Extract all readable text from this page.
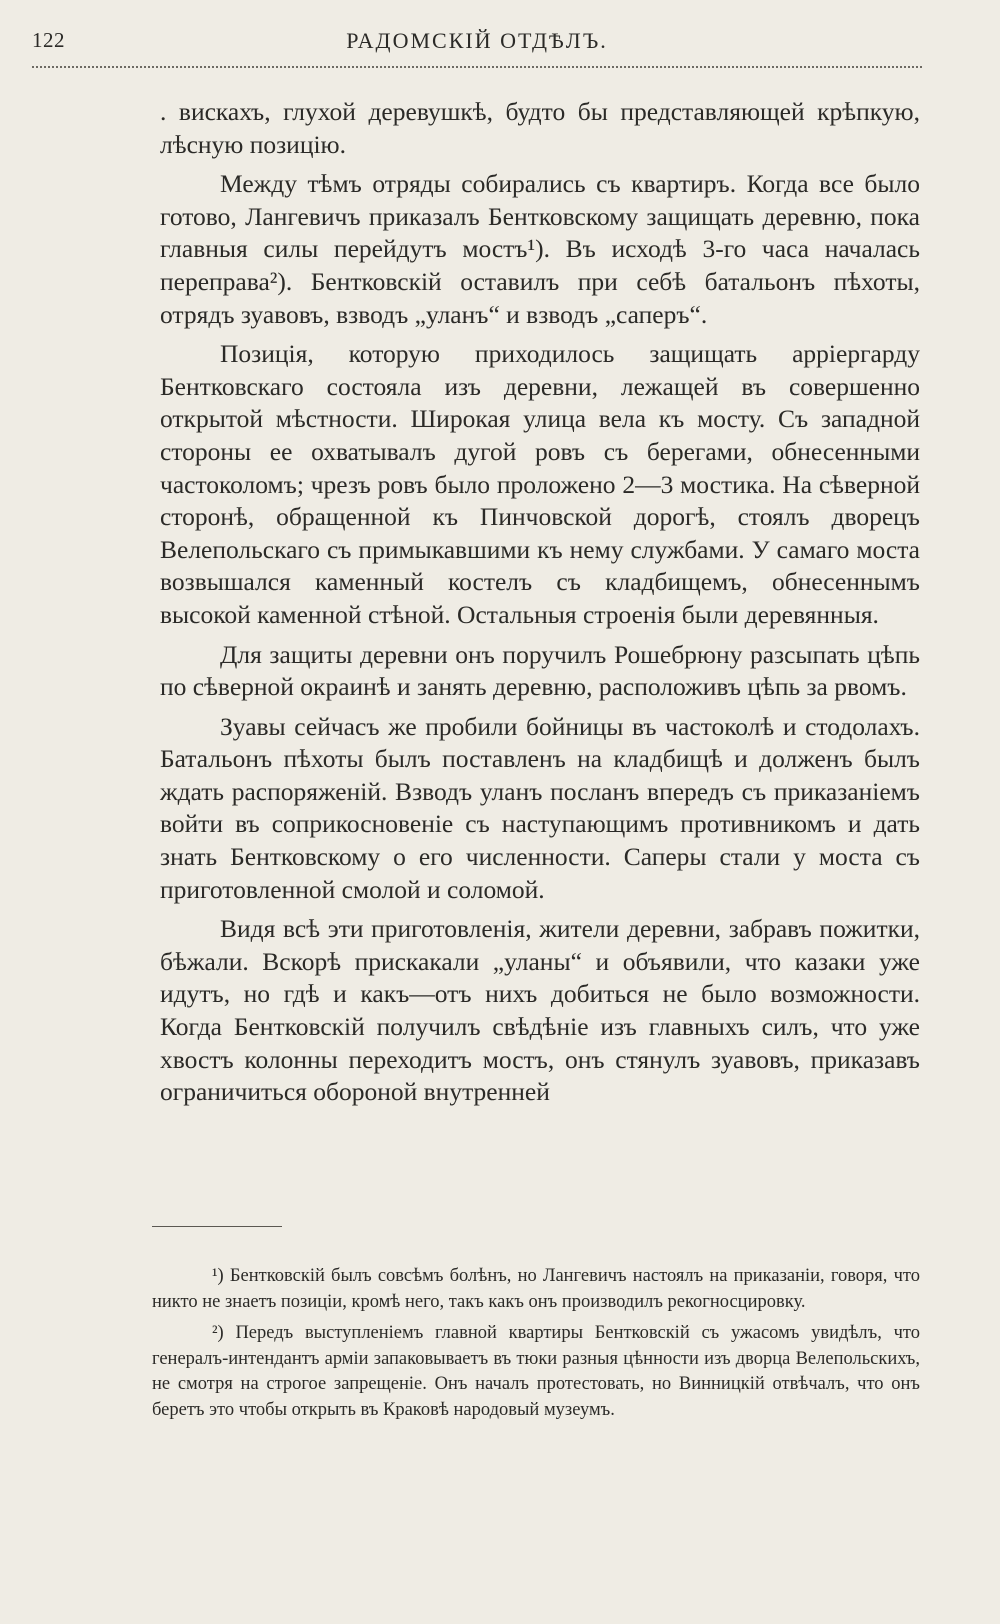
122	РАДОМСКІЙ ОТДѢЛЪ.

. вискахъ, глухой деревушкѣ, будто бы представляющей крѣпкую, лѣсную позицію.

Между тѣмъ отряды собирались съ квартиръ. Когда все было готово, Лангевичъ приказалъ Бентковскому защищать деревню, пока главныя силы перейдутъ мостъ¹). Въ исходѣ 3-го часа началась переправа²). Бентковскій оставилъ при себѣ батальонъ пѣхоты, отрядъ зуавовъ, взводъ „уланъ“ и взводъ „саперъ“.

Позиція, которую приходилось защищать арріергарду Бентковскаго состояла изъ деревни, лежащей въ совершенно открытой мѣстности. Широкая улица вела къ мосту. Съ западной стороны ее охватывалъ дугой ровъ съ берегами, обнесенными частоколомъ; чрезъ ровъ было проложено 2—3 мостика. На сѣверной сторонѣ, обращенной къ Пинчовской дорогѣ, стоялъ дворецъ Велепольскаго съ примыкавшими къ нему службами. У самаго моста возвышался каменный костелъ съ кладбищемъ, обнесеннымъ высокой каменной стѣной. Остальныя строенія были деревянныя.

Для защиты деревни онъ поручилъ Рошебрюну разсыпать цѣпь по сѣверной окраинѣ и занять деревню, расположивъ цѣпь за рвомъ.

Зуавы сейчасъ же пробили бойницы въ частоколѣ и стодолахъ. Батальонъ пѣхоты былъ поставленъ на кладбищѣ и долженъ былъ ждать распоряженій. Взводъ уланъ посланъ впередъ съ приказаніемъ войти въ соприкосновеніе съ наступающимъ противникомъ и дать знать Бентковскому о его численности. Саперы стали у моста съ приготовленной смолой и соломой.

Видя всѣ эти приготовленія, жители деревни, забравъ пожитки, бѣжали. Вскорѣ прискакали „уланы“ и объявили, что казаки уже идутъ, но гдѣ и какъ—отъ нихъ добиться не было возможности. Когда Бентковскій получилъ свѣдѣніе изъ главныхъ силъ, что уже хвостъ колонны переходитъ мостъ, онъ стянулъ зуавовъ, приказавъ ограничиться обороной внутренней

¹) Бентковскій былъ совсѣмъ болѣнъ, но Лангевичъ настоялъ на приказаніи, говоря, что никто не знаетъ позиціи, кромѣ него, такъ какъ онъ производилъ рекогносцировку.

²) Передъ выступленіемъ главной квартиры Бентковскій съ ужасомъ увидѣлъ, что генералъ-интендантъ арміи запаковываетъ въ тюки разныя цѣнности изъ дворца Велепольскихъ, не смотря на строгое запрещеніе. Онъ началъ протестовать, но Винницкій отвѣчалъ, что онъ беретъ это чтобы открыть въ Краковѣ народовый музеумъ.
